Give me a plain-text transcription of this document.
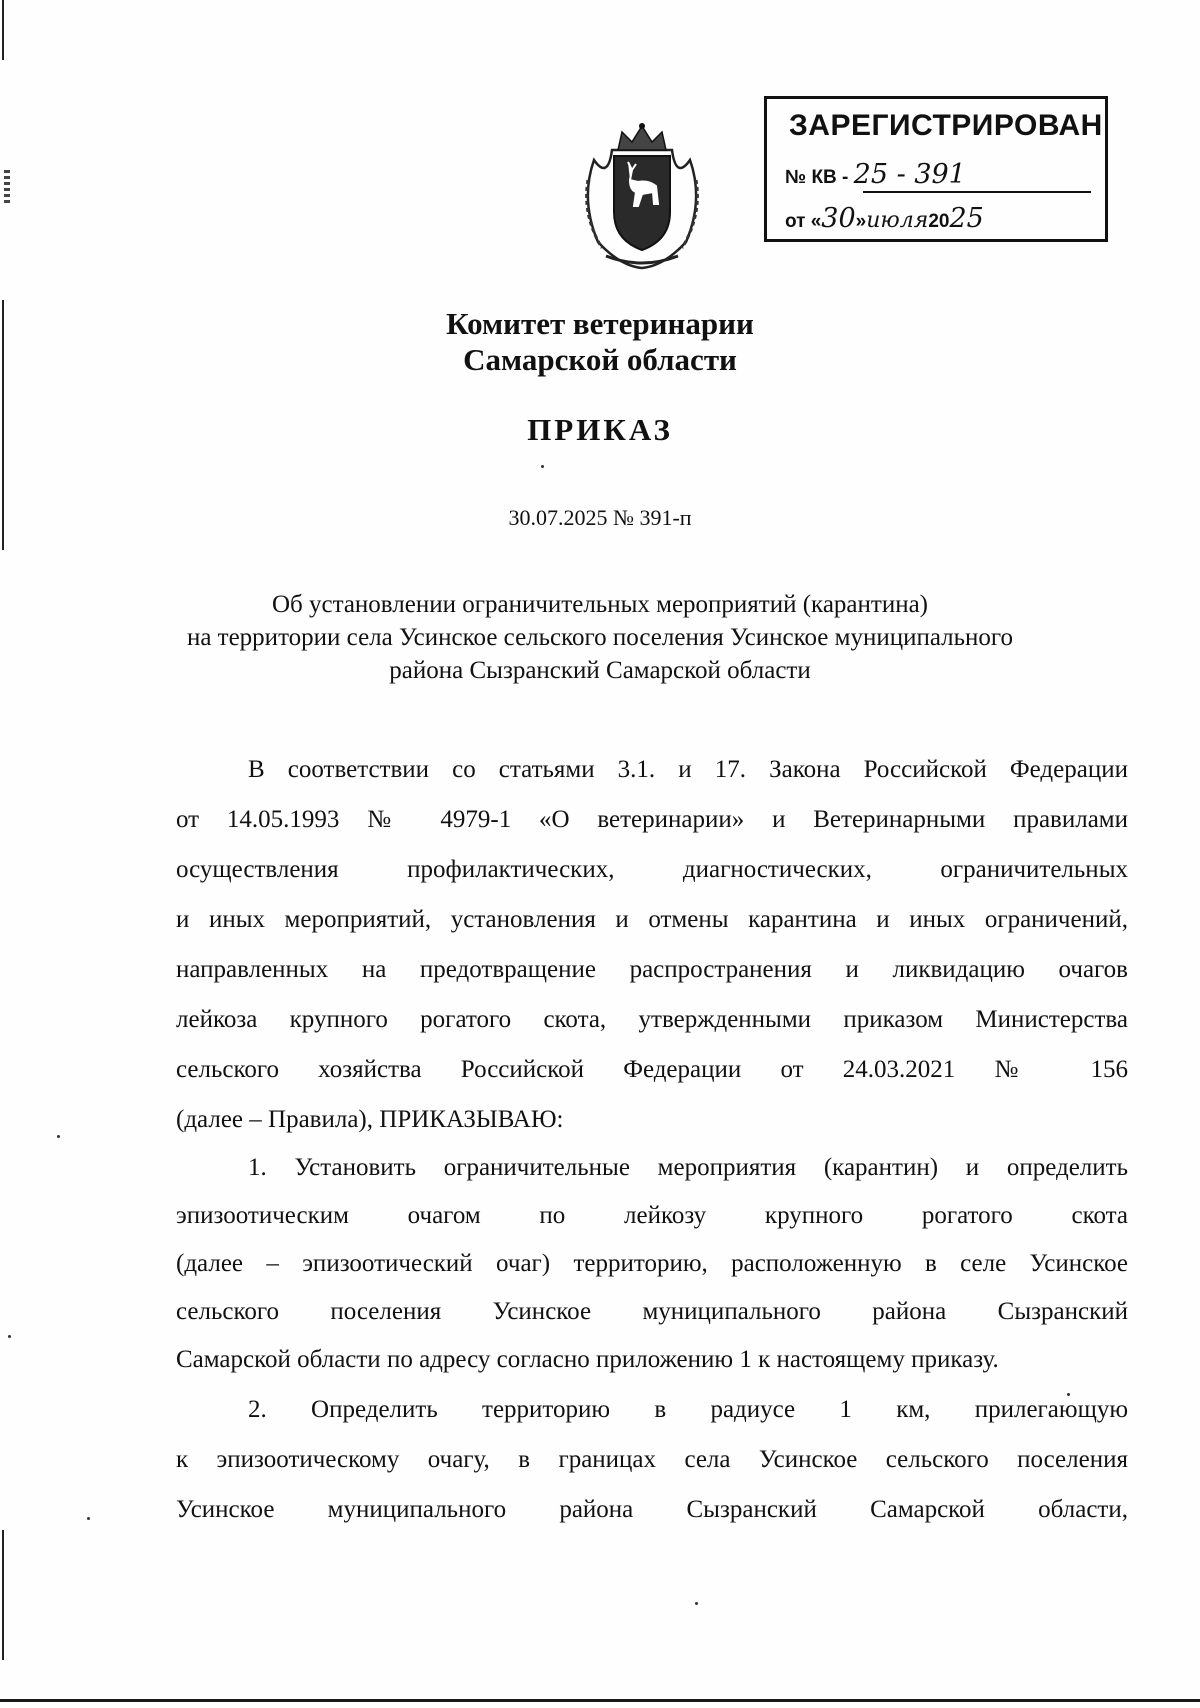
ЗАРЕГИСТРИРОВАН
№ КВ - 25 - 391
от «30»июля2025
Комитет ветеринарии
Самарской области
ПРИКАЗ
30.07.2025 № 391-п
Об установлении ограничительных мероприятий (карантина)
на территории села Усинское сельского поселения Усинское муниципального
района Сызранский Самарской области
В соответствии со статьями 3.1. и 17. Закона Российской Федерации
от 14.05.1993 № 4979-1 «О ветеринарии» и Ветеринарными правилами
осуществления профилактических, диагностических, ограничительных
и иных мероприятий, установления и отмены карантина и иных ограничений,
направленных на предотвращение распространения и ликвидацию очагов
лейкоза крупного рогатого скота, утвержденными приказом Министерства
сельского хозяйства Российской Федерации от 24.03.2021 № 156
(далее – Правила), ПРИКАЗЫВАЮ:
1. Установить ограничительные мероприятия (карантин) и определить
эпизоотическим очагом по лейкозу крупного рогатого скота
(далее – эпизоотический очаг) территорию, расположенную в селе Усинское
сельского поселения Усинское муниципального района Сызранский
Самарской области по адресу согласно приложению 1 к настоящему приказу.
2. Определить территорию в радиусе 1 км, прилегающую
к эпизоотическому очагу, в границах села Усинское сельского поселения
Усинское муниципального района Сызранский Самарской области,
